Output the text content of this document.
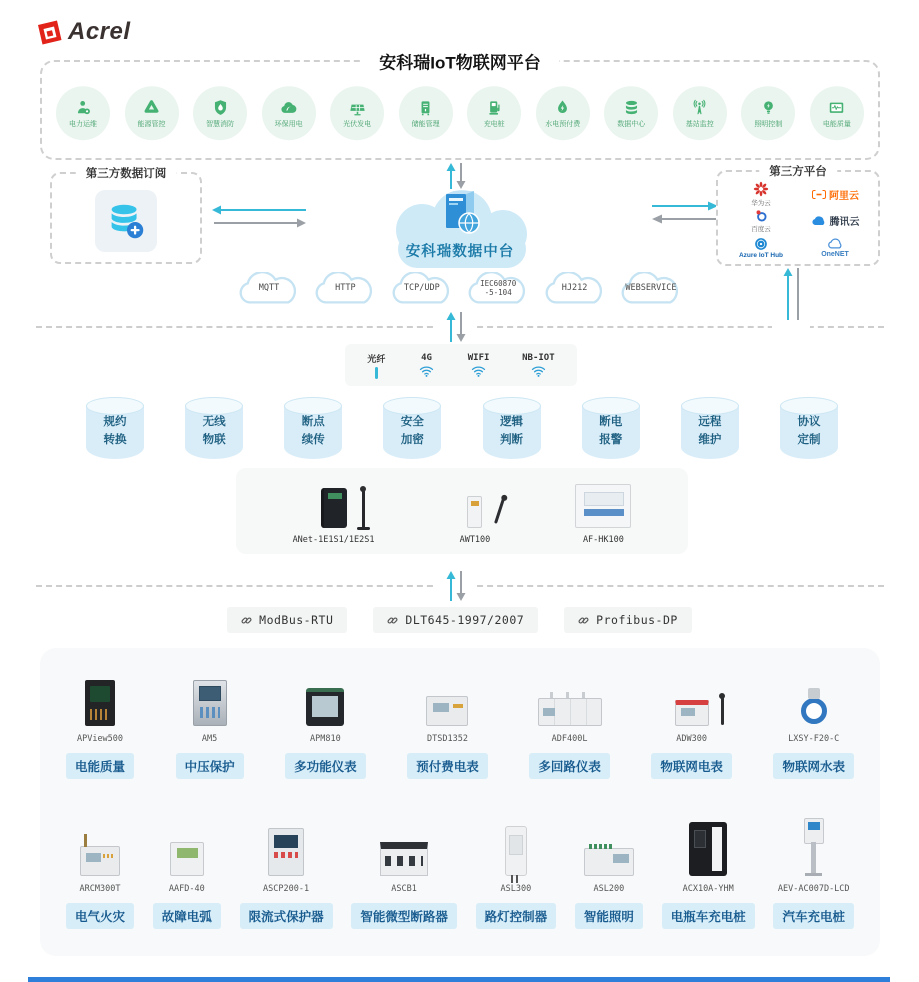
Acrel
安科瑞IoT物联网平台
电力运维	能源管控	智慧消防	环保用电	光伏发电	储能管理	充电桩	水电预付费	数据中心	基站监控	照明控制	电能质量
第三方数据订阅
安科瑞数据中台
第三方平台
华为云
阿里云
百度云
腾讯云
Azure IoT Hub	OneNET
MQTT	HTTP	TCP/UDP	IEC60870
-5-104	HJ212	WEBSERVICE
光纤	4G	WIFI	NB-IOT
规约
转换
无线
物联
断点
续传
安全
加密
逻辑
判断
断电
报警
远程
维护
协议
定制
ANet-1E1S1/1E2S1	AWT100	AF-HK100
ModBus-RTU	DLT645-1997/2007	Profibus-DP
APView500
电能质量
AM5
中压保护
APM810
多功能仪表
DTSD1352
预付费电表
ADF400L
多回路仪表
ADW300
物联网电表
LXSY-F20-C
物联网水表
ARCM300T
电气火灾
AAFD-40
故障电弧
ASCP200-1
限流式保护器
ASCB1
智能微型断路器
ASL300
路灯控制器
ASL200
智能照明
ACX10A-YHM
电瓶车充电桩
AEV-AC007D-LCD
汽车充电桩
